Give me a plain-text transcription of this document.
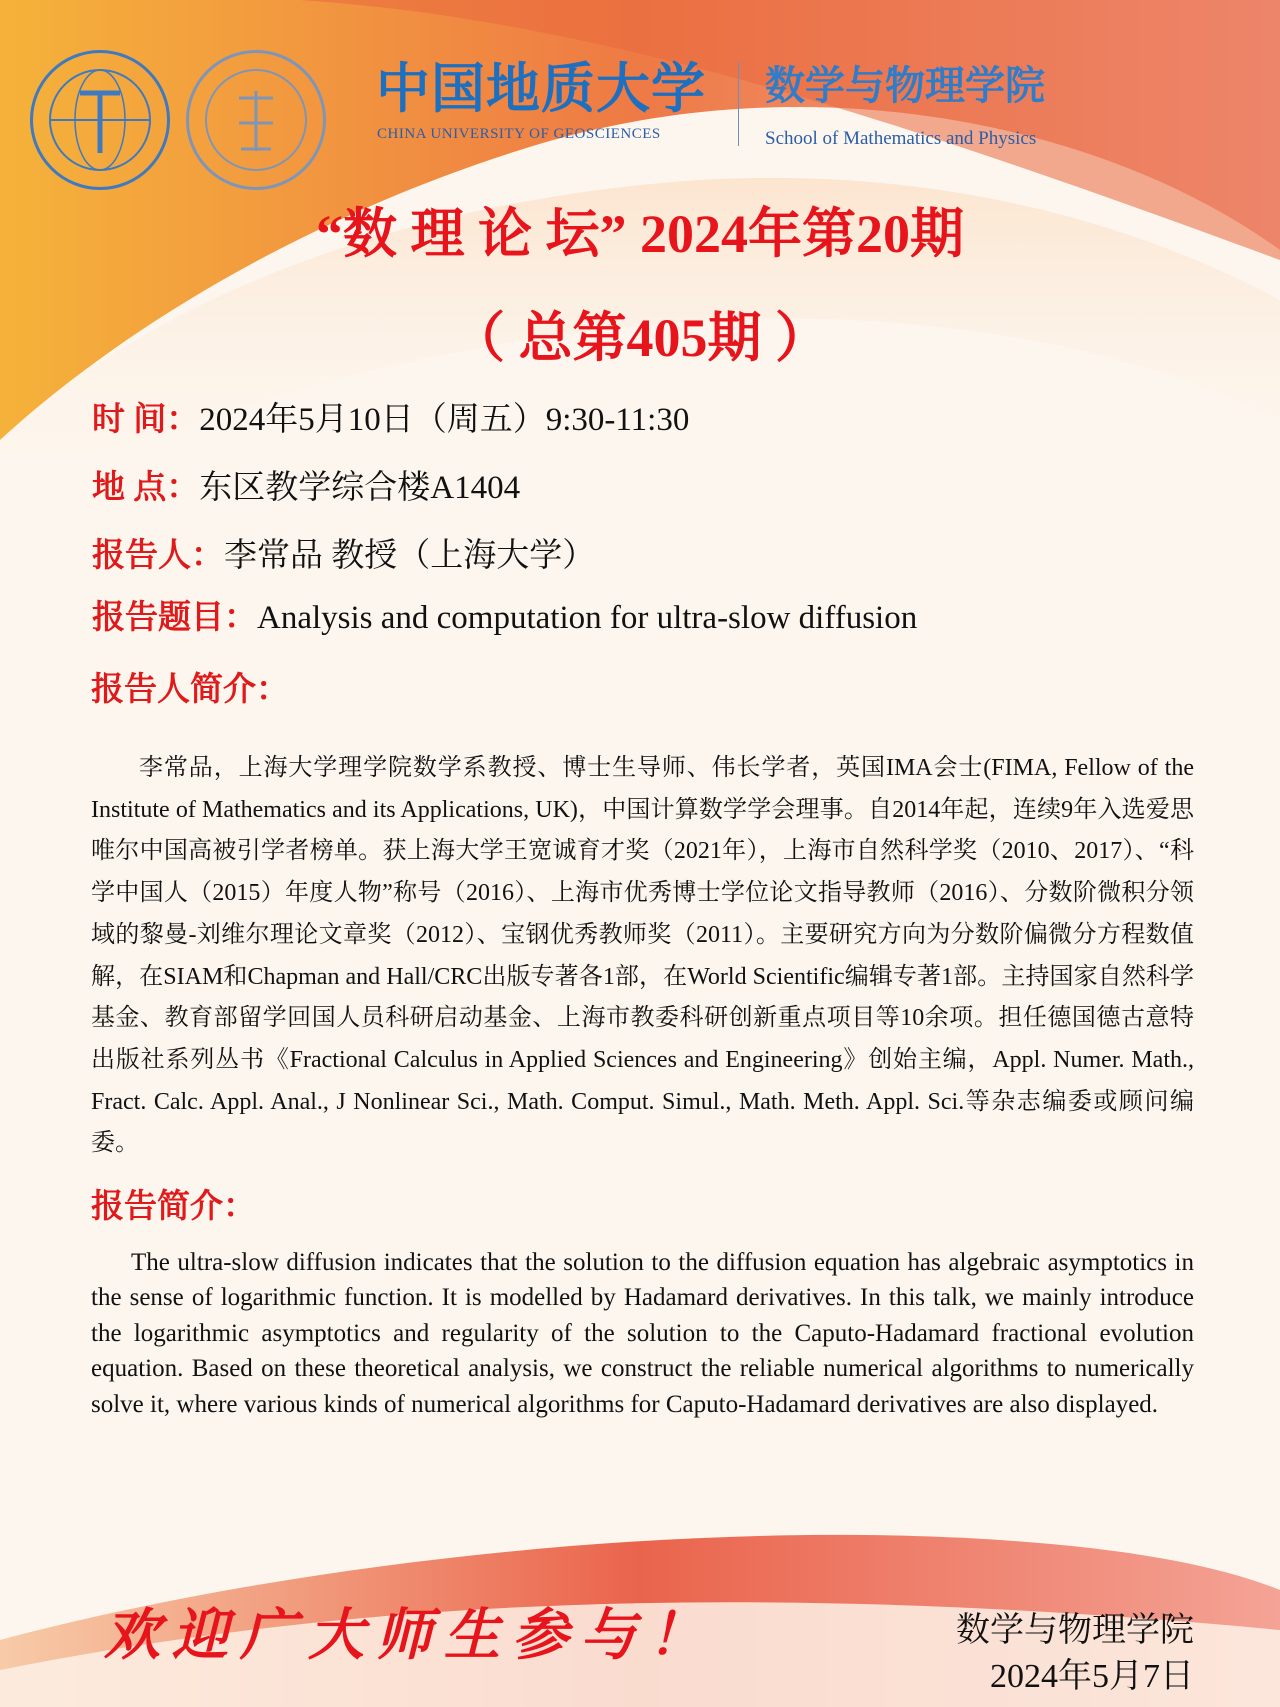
中国地质大学
CHINA UNIVERSITY OF GEOSCIENCES
数学与物理学院
School of Mathematics and Physics
“数 理 论 坛” 2024年第20期
（ 总第405期 ）
时 间：2024年5月10日（周五）9:30-11:30
地 点：东区教学综合楼A1404
报告人：李常品 教授（上海大学）
报告题目：Analysis and computation for ultra-slow diffusion
报告人简介：

李常品，上海大学理学院数学系教授、博士生导师、伟长学者，英国IMA会士(FIMA, Fellow of the Institute of Mathematics and its Applications, UK)，中国计算数学学会理事。自2014年起，连续9年入选爱思唯尔中国高被引学者榜单。获上海大学王宽诚育才奖（2021年），上海市自然科学奖（2010、2017）、“科学中国人（2015）年度人物”称号（2016）、上海市优秀博士学位论文指导教师（2016）、分数阶微积分领域的黎曼-刘维尔理论文章奖（2012）、宝钢优秀教师奖（2011）。主要研究方向为分数阶偏微分方程数值解，在SIAM和Chapman and Hall/CRC出版专著各1部，在World Scientific编辑专著1部。主持国家自然科学基金、教育部留学回国人员科研启动基金、上海市教委科研创新重点项目等10余项。担任德国德古意特出版社系列丛书《Fractional Calculus in Applied Sciences and Engineering》创始主编，Appl. Numer. Math., Fract. Calc. Appl. Anal., J Nonlinear Sci., Math. Comput. Simul., Math. Meth. Appl. Sci.等杂志编委或顾问编委。

报告简介：

The ultra-slow diffusion indicates that the solution to the diffusion equation has algebraic asymptotics in the sense of logarithmic function. It is modelled by Hadamard derivatives. In this talk, we mainly introduce the logarithmic asymptotics and regularity of the solution to the Caputo-Hadamard fractional evolution equation. Based on these theoretical analysis, we construct the reliable numerical algorithms to numerically solve it, where various kinds of numerical algorithms for Caputo-Hadamard derivatives are also displayed.

欢迎广大师生参与！	数学与物理学院
2024年5月7日
